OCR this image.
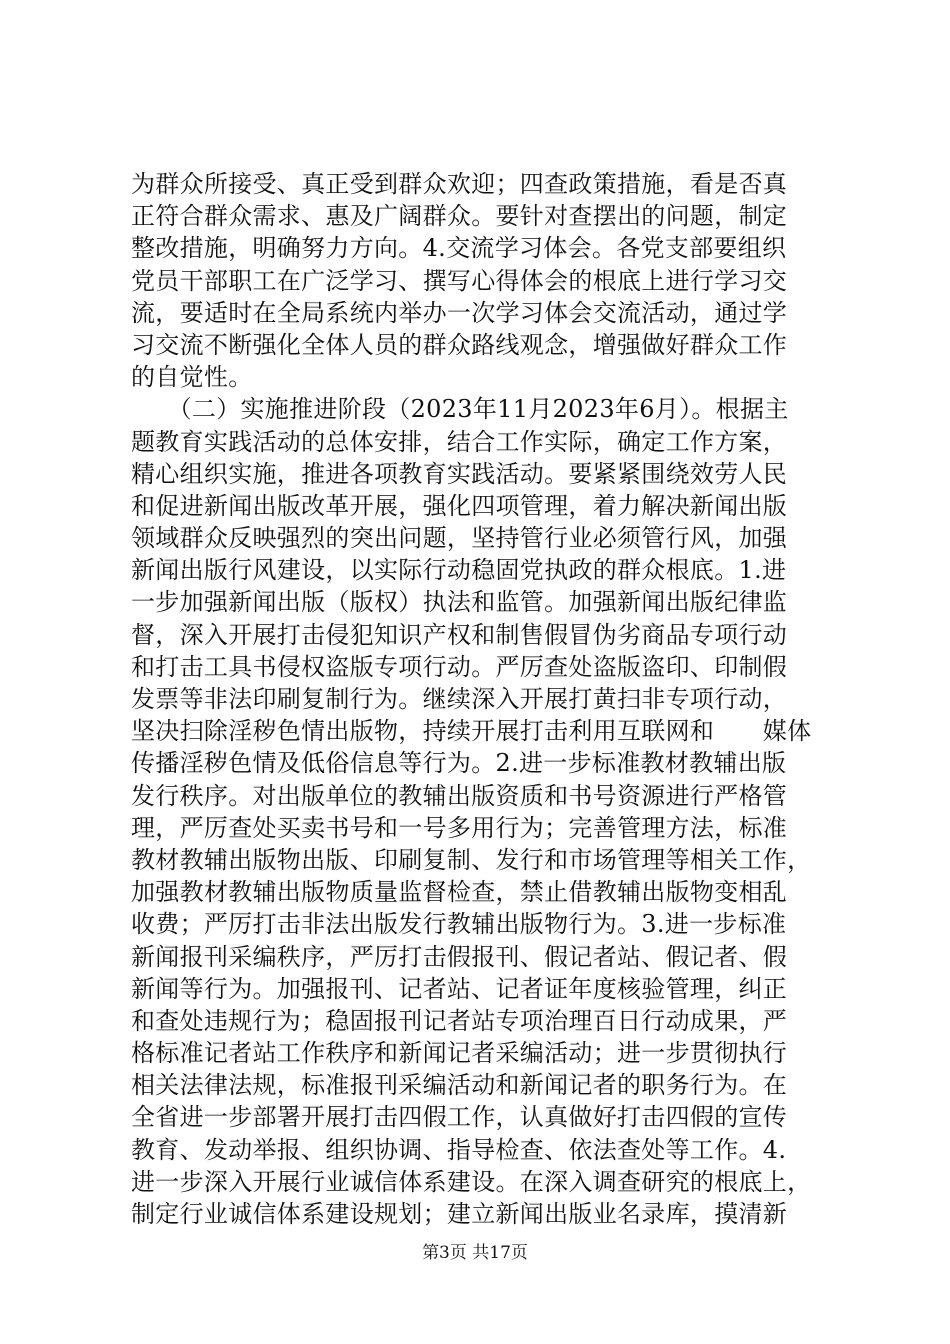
为群众所接受、真正受到群众欢迎；四查政策措施，看是否真
正符合群众需求、惠及广阔群众。要针对查摆出的问题，制定
整改措施，明确努力方向。4.交流学习体会。各党支部要组织
党员干部职工在广泛学习、撰写心得体会的根底上进行学习交
流，要适时在全局系统内举办一次学习体会交流活动，通过学
习交流不断强化全体人员的群众路线观念，增强做好群众工作
的自觉性。
　　（二）实施推进阶段（2023年11月2023年6月）。根据主
题教育实践活动的总体安排，结合工作实际，确定工作方案，
精心组织实施，推进各项教育实践活动。要紧紧围绕效劳人民
和促进新闻出版改革开展，强化四项管理，着力解决新闻出版
领域群众反映强烈的突出问题，坚持管行业必须管行风，加强
新闻出版行风建设，以实际行动稳固党执政的群众根底。1.进
一步加强新闻出版（版权）执法和监管。加强新闻出版纪律监
督，深入开展打击侵犯知识产权和制售假冒伪劣商品专项行动
和打击工具书侵权盗版专项行动。严厉查处盗版盗印、印制假
发票等非法印刷复制行为。继续深入开展打黄扫非专项行动，
坚决扫除淫秽色情出版物，持续开展打击利用互联网和　　媒体
传播淫秽色情及低俗信息等行为。2.进一步标准教材教辅出版
发行秩序。对出版单位的教辅出版资质和书号资源进行严格管
理，严厉查处买卖书号和一号多用行为；完善管理方法，标准
教材教辅出版物出版、印刷复制、发行和市场管理等相关工作，
加强教材教辅出版物质量监督检查，禁止借教辅出版物变相乱
收费；严厉打击非法出版发行教辅出版物行为。3.进一步标准
新闻报刊采编秩序，严厉打击假报刊、假记者站、假记者、假
新闻等行为。加强报刊、记者站、记者证年度核验管理，纠正
和查处违规行为；稳固报刊记者站专项治理百日行动成果，严
格标准记者站工作秩序和新闻记者采编活动；进一步贯彻执行
相关法律法规，标准报刊采编活动和新闻记者的职务行为。在
全省进一步部署开展打击四假工作，认真做好打击四假的宣传
教育、发动举报、组织协调、指导检查、依法查处等工作。4.
进一步深入开展行业诚信体系建设。在深入调查研究的根底上，
制定行业诚信体系建设规划；建立新闻出版业名录库，摸清新
第3页 共17页
